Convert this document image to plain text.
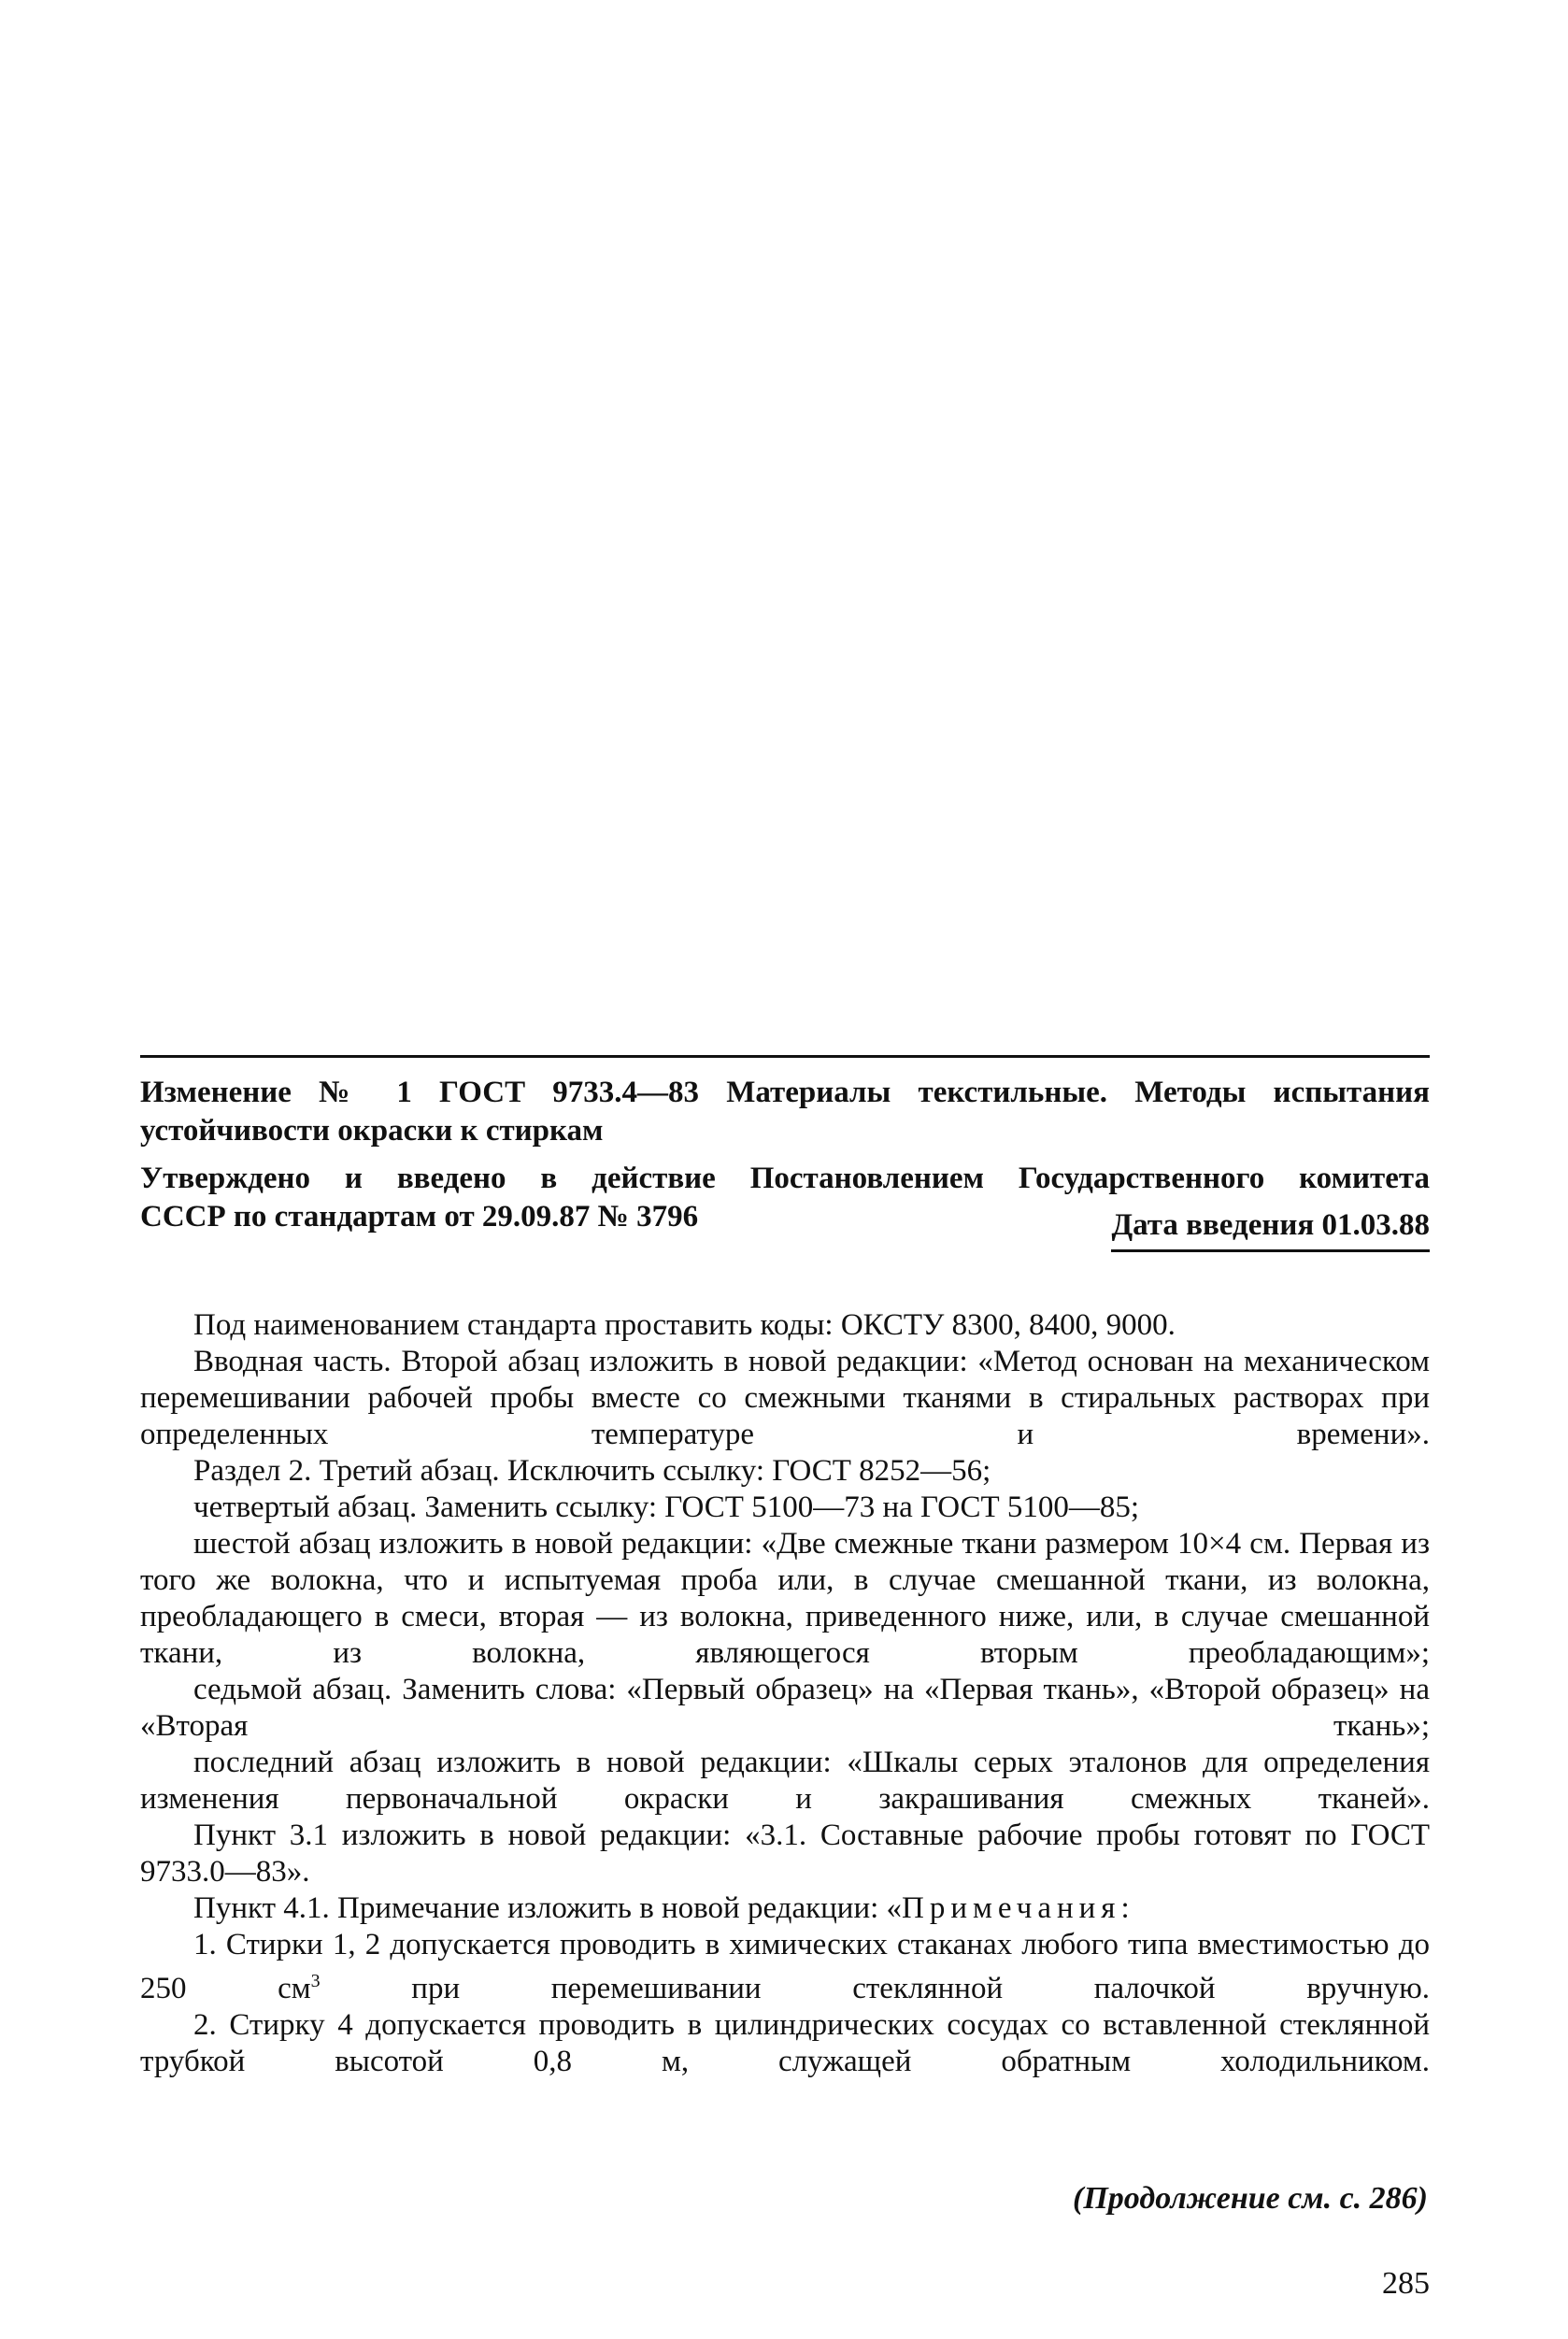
Изменение № 1 ГОСТ 9733.4—83 Материалы текстильные. Методы испытания
устойчивости окраски к стиркам
Утверждено и введено в действие Постановлением Государственного комитета
СССР по стандартам от 29.09.87 № 3796	Дата введения 01.03.88
Под наименованием стандарта проставить коды: ОКСТУ 8300, 8400, 9000.
Вводная часть. Второй абзац изложить в новой редакции: «Метод основан на механическом перемешивании рабочей пробы вместе со смежными тканями в стиральных растворах при определенных температуре и времени».
Раздел 2. Третий абзац. Исключить ссылку: ГОСТ 8252—56;
четвертый абзац. Заменить ссылку: ГОСТ 5100—73 на ГОСТ 5100—85;
шестой абзац изложить в новой редакции: «Две смежные ткани размером 10×4 см. Первая из того же волокна, что и испытуемая проба или, в случае смешанной ткани, из волокна, преобладающего в смеси, вторая — из волокна, приведенного ниже, или, в случае смешанной ткани, из волокна, являющегося вторым преобладающим»;
седьмой абзац. Заменить слова: «Первый образец» на «Первая ткань», «Второй образец» на «Вторая ткань»;
последний абзац изложить в новой редакции: «Шкалы серых эталонов для определения изменения первоначальной окраски и закрашивания смежных тканей».
Пункт 3.1 изложить в новой редакции: «3.1. Составные рабочие пробы готовят по ГОСТ 9733.0—83».
Пункт 4.1. Примечание изложить в новой редакции: «Примечания:
1. Стирки 1, 2 допускается проводить в химических стаканах любого типа вместимостью до 250 $см^3$ при перемешивании стеклянной палочкой вручную.
2. Стирку 4 допускается проводить в цилиндрических сосудах со вставленной стеклянной трубкой высотой 0,8 м, служащей обратным холодильником.
(Продолжение см. с. 286)
285
